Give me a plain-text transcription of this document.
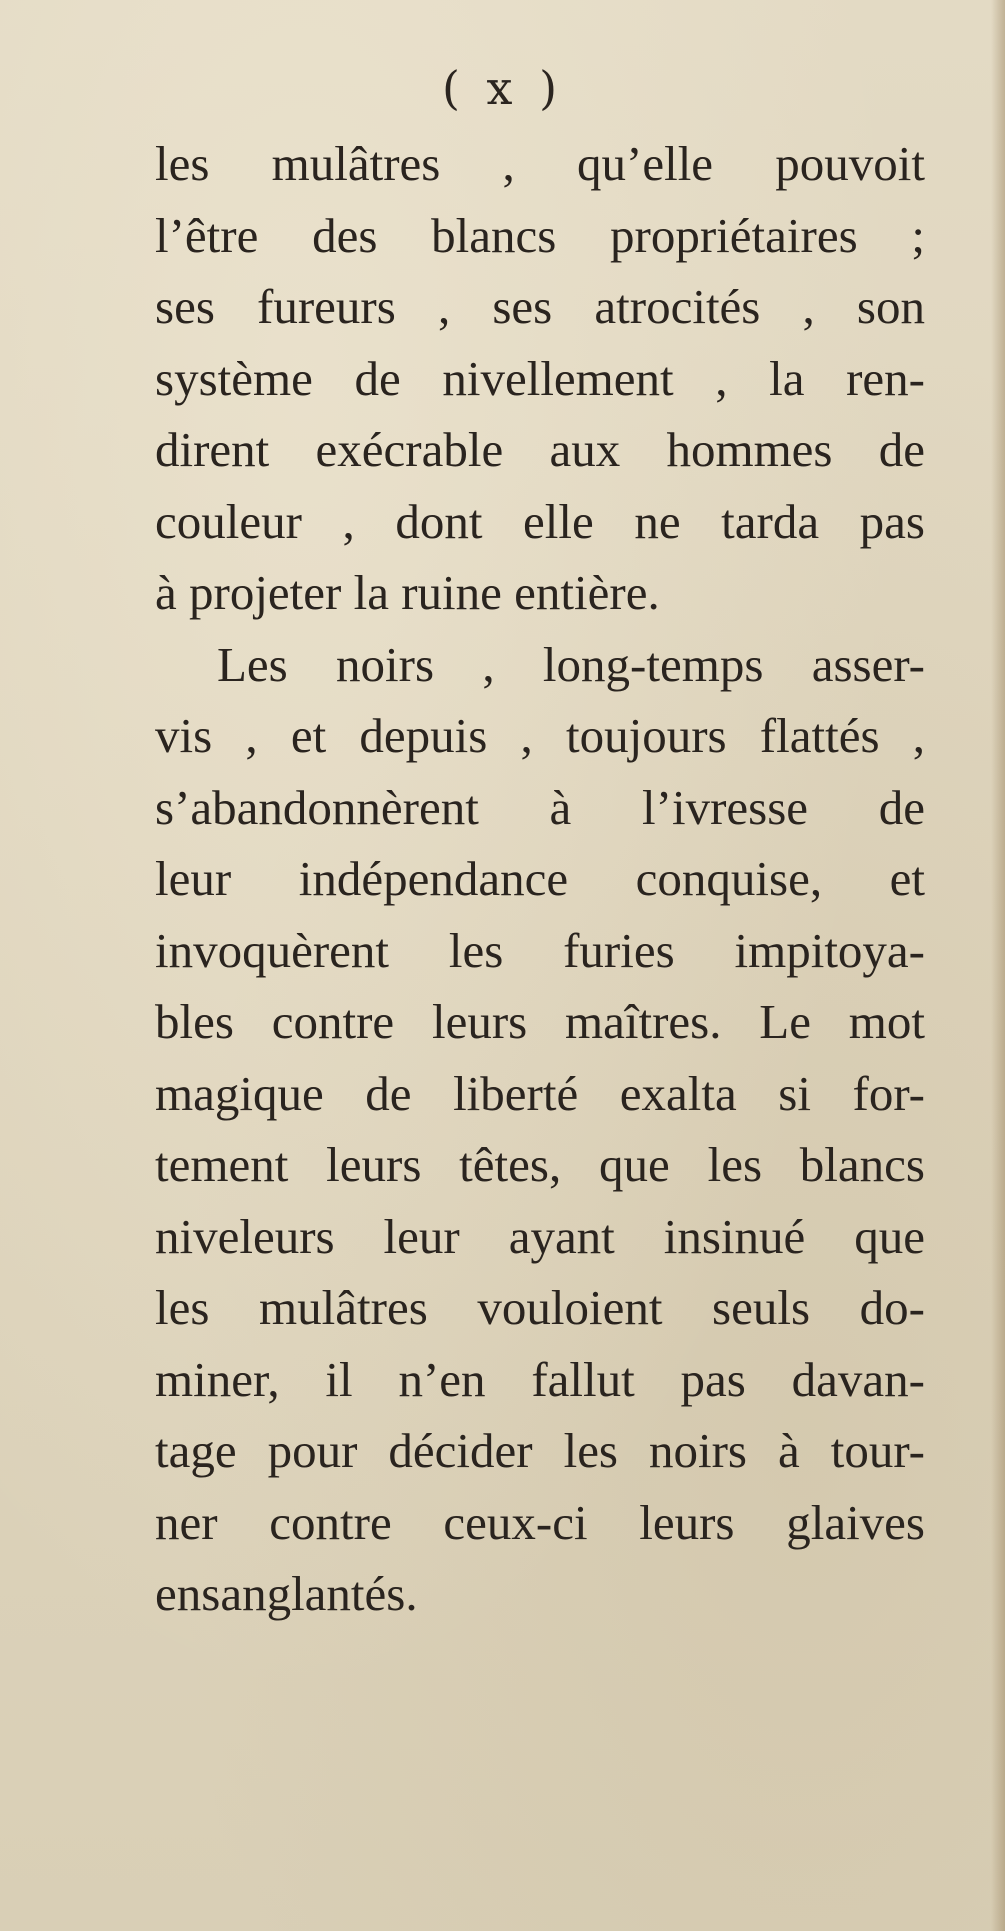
( x )
les mulâtres , qu’elle pouvoit
l’être des blancs propriétaires ;
ses fureurs , ses atrocités , son
système de nivellement , la ren-
dirent exécrable aux hommes de
couleur , dont elle ne tarda pas
à projeter la ruine entière.
Les noirs , long-temps asser-
vis , et depuis , toujours flattés ,
s’abandonnèrent à l’ivresse de
leur indépendance conquise, et
invoquèrent les furies impitoya-
bles contre leurs maîtres. Le mot
magique de liberté exalta si for-
tement leurs têtes, que les blancs
niveleurs leur ayant insinué que
les mulâtres vouloient seuls do-
miner, il n’en fallut pas davan-
tage pour décider les noirs à tour-
ner contre ceux-ci leurs glaives
ensanglantés.
